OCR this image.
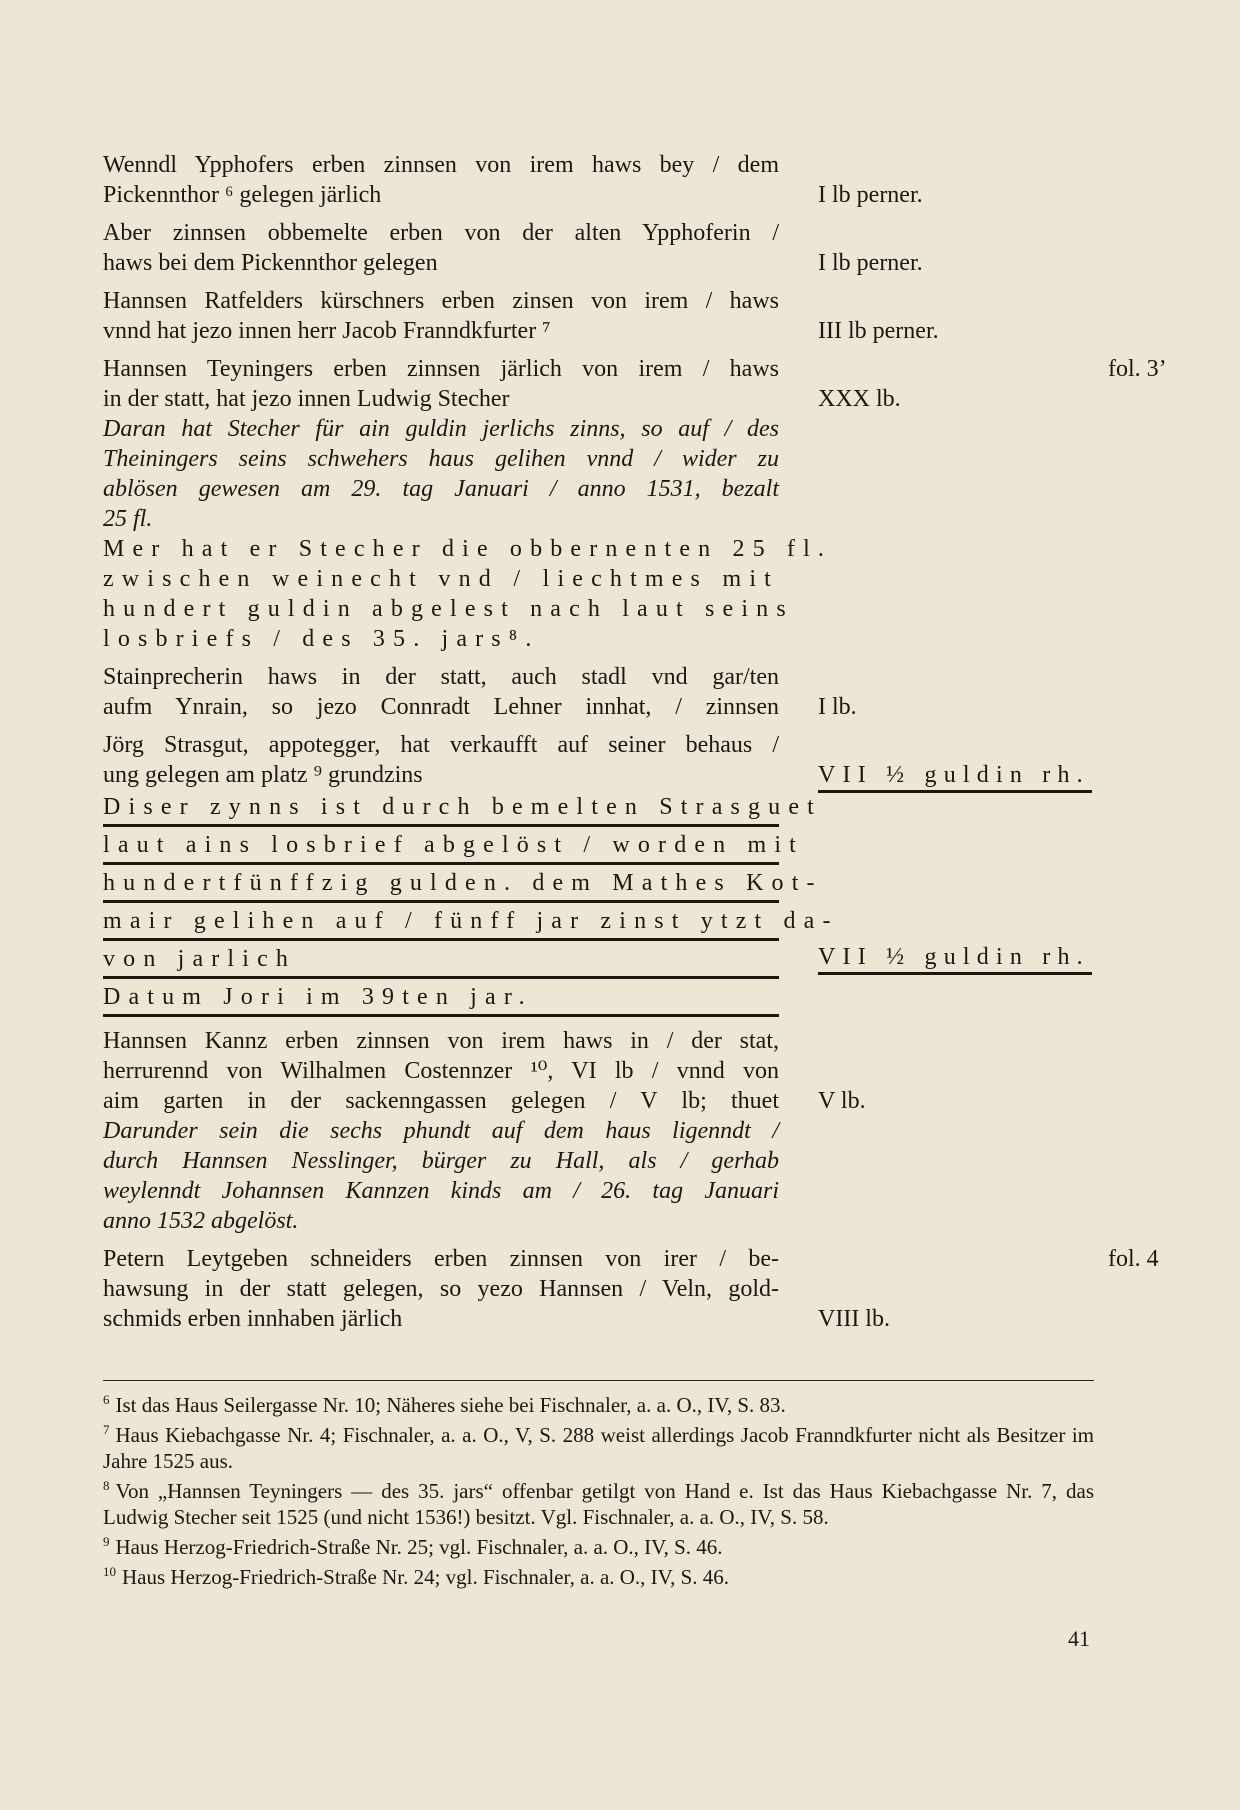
Wenndl Ypphofers erben zinnsen von irem haws bey / dem
Pickennthor ⁶ gelegen järlich	I lb perner.
Aber zinnsen obbemelte erben von der alten Ypphoferin /
haws bei dem Pickennthor gelegen	I lb perner.
Hannsen Ratfelders kürschners erben zinsen von irem / haws
vnnd hat jezo innen herr Jacob Franndkfurter ⁷	III lb perner.
Hannsen Teyningers erben zinnsen järlich von irem / haws	fol. 3’
in der statt, hat jezo innen Ludwig Stecher	XXX lb.
Daran hat Stecher für ain guldin jerlichs zinns, so auf / des
Theiningers seins schwehers haus gelihen vnnd / wider zu
ablösen gewesen am 29. tag Januari / anno 1531, bezalt
25 fl.
Mer hat er Stecher die obbernenten 25 fl.
zwischen weinecht vnd / liechtmes mit
hundert guldin abgelest nach laut seins
losbriefs / des 35. jars⁸.
Stainprecherin haws in der statt, auch stadl vnd gar/ten
aufm Ynrain, so jezo Connradt Lehner innhat, / zinnsen I lb.
Jörg Strasgut, appotegger, hat verkaufft auf seiner behaus /
ung gelegen am platz ⁹ grundzins	VII ½ guldin rh.
Diser zynns ist durch bemelten Strasguet
laut ains losbrief abgelöst / worden mit
hundertfünffzig gulden. dem Mathes Kot-
mair gelihen auf / fünff jar zinst ytzt da-
von jarlich	VII ½ guldin rh.
Datum Jori im 39ten jar.
Hannsen Kannz erben zinnsen von irem haws in / der stat,
herrurennd von Wilhalmen Costennzer ¹⁰, VI lb / vnnd von
aim garten in der sackenngassen gelegen / V lb; thuet V lb.
Darunder sein die sechs phundt auf dem haus ligenndt /
durch Hannsen Nesslinger, bürger zu Hall, als / gerhab
weylenndt Johannsen Kannzen kinds am / 26. tag Januari
anno 1532 abgelöst.
Petern Leytgeben schneiders erben zinnsen von irer / be-	fol. 4
hawsung in der statt gelegen, so yezo Hannsen / Veln, gold-
schmids erben innhaben järlich	VIII lb.
$^6$ Ist das Haus Seilergasse Nr. 10; Näheres siehe bei Fischnaler, a. a. O., IV, S. 83.
$^7$ Haus Kiebachgasse Nr. 4; Fischnaler, a. a. O., V, S. 288 weist allerdings Jacob Franndkfurter nicht als Besitzer im Jahre 1525 aus.
$^8$ Von „Hannsen Teyningers — des 35. jars“ offenbar getilgt von Hand e. Ist das Haus Kiebachgasse Nr. 7, das Ludwig Stecher seit 1525 (und nicht 1536!) besitzt. Vgl. Fischnaler, a. a. O., IV, S. 58.
$^9$ Haus Herzog-Friedrich-Straße Nr. 25; vgl. Fischnaler, a. a. O., IV, S. 46.
$^{10}$ Haus Herzog-Friedrich-Straße Nr. 24; vgl. Fischnaler, a. a. O., IV, S. 46.
41
